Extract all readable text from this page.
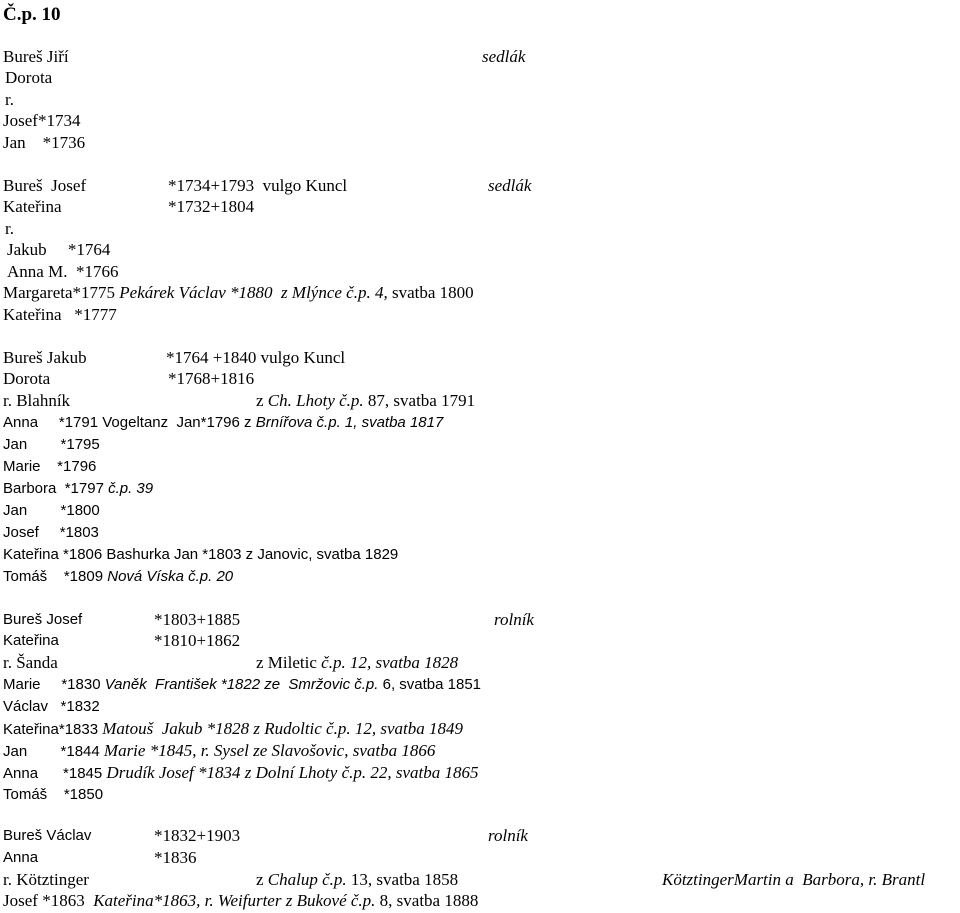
Č.p. 10
Bureš Jiří	sedlák
Dorota
r.
Josef*1734
Jan    *1736
Bureš  Josef	*1734+1793  vulgo Kuncl	sedlák
Kateřina	*1732+1804
r.
Jakub     *1764
Anna M.  *1766
Margareta*1775 Pekárek Václav *1880  z Mlýnce č.p. 4, svatba 1800
Kateřina   *1777
Bureš Jakub	*1764 +1840 vulgo Kuncl
Dorota	*1768+1816
r. Blahník	z Ch. Lhoty č.p. 87, svatba 1791
Anna     *1791 Vogeltanz  Jan*1796 z Brnířova č.p. 1, svatba 1817
Jan        *1795
Marie    *1796
Barbora  *1797 č.p. 39
Jan        *1800
Josef     *1803
Kateřina *1806 Bashurka Jan *1803 z Janovic, svatba 1829
Tomáš    *1809 Nová Víska č.p. 20
Bureš Josef	*1803+1885	rolník
Kateřina	*1810+1862
r. Šanda	z Miletic č.p. 12, svatba 1828
Marie     *1830 Vaněk  František *1822 ze  Smržovic č.p. 6, svatba 1851
Václav   *1832
Kateřina*1833 Matouš  Jakub *1828 z Rudoltic č.p. 12, svatba 1849
Jan        *1844 Marie *1845, r. Sysel ze Slavošovic, svatba 1866
Anna      *1845 Drudík Josef *1834 z Dolní Lhoty č.p. 22, svatba 1865
Tomáš    *1850
Bureš Václav	*1832+1903	rolník
Anna	*1836
r. Kötztinger	z Chalup č.p. 13, svatba 1858	KötztingerMartin a  Barbora, r. Brantl
Josef *1863  Kateřina*1863, r. Weifurter z Bukové č.p. 8, svatba 1888
